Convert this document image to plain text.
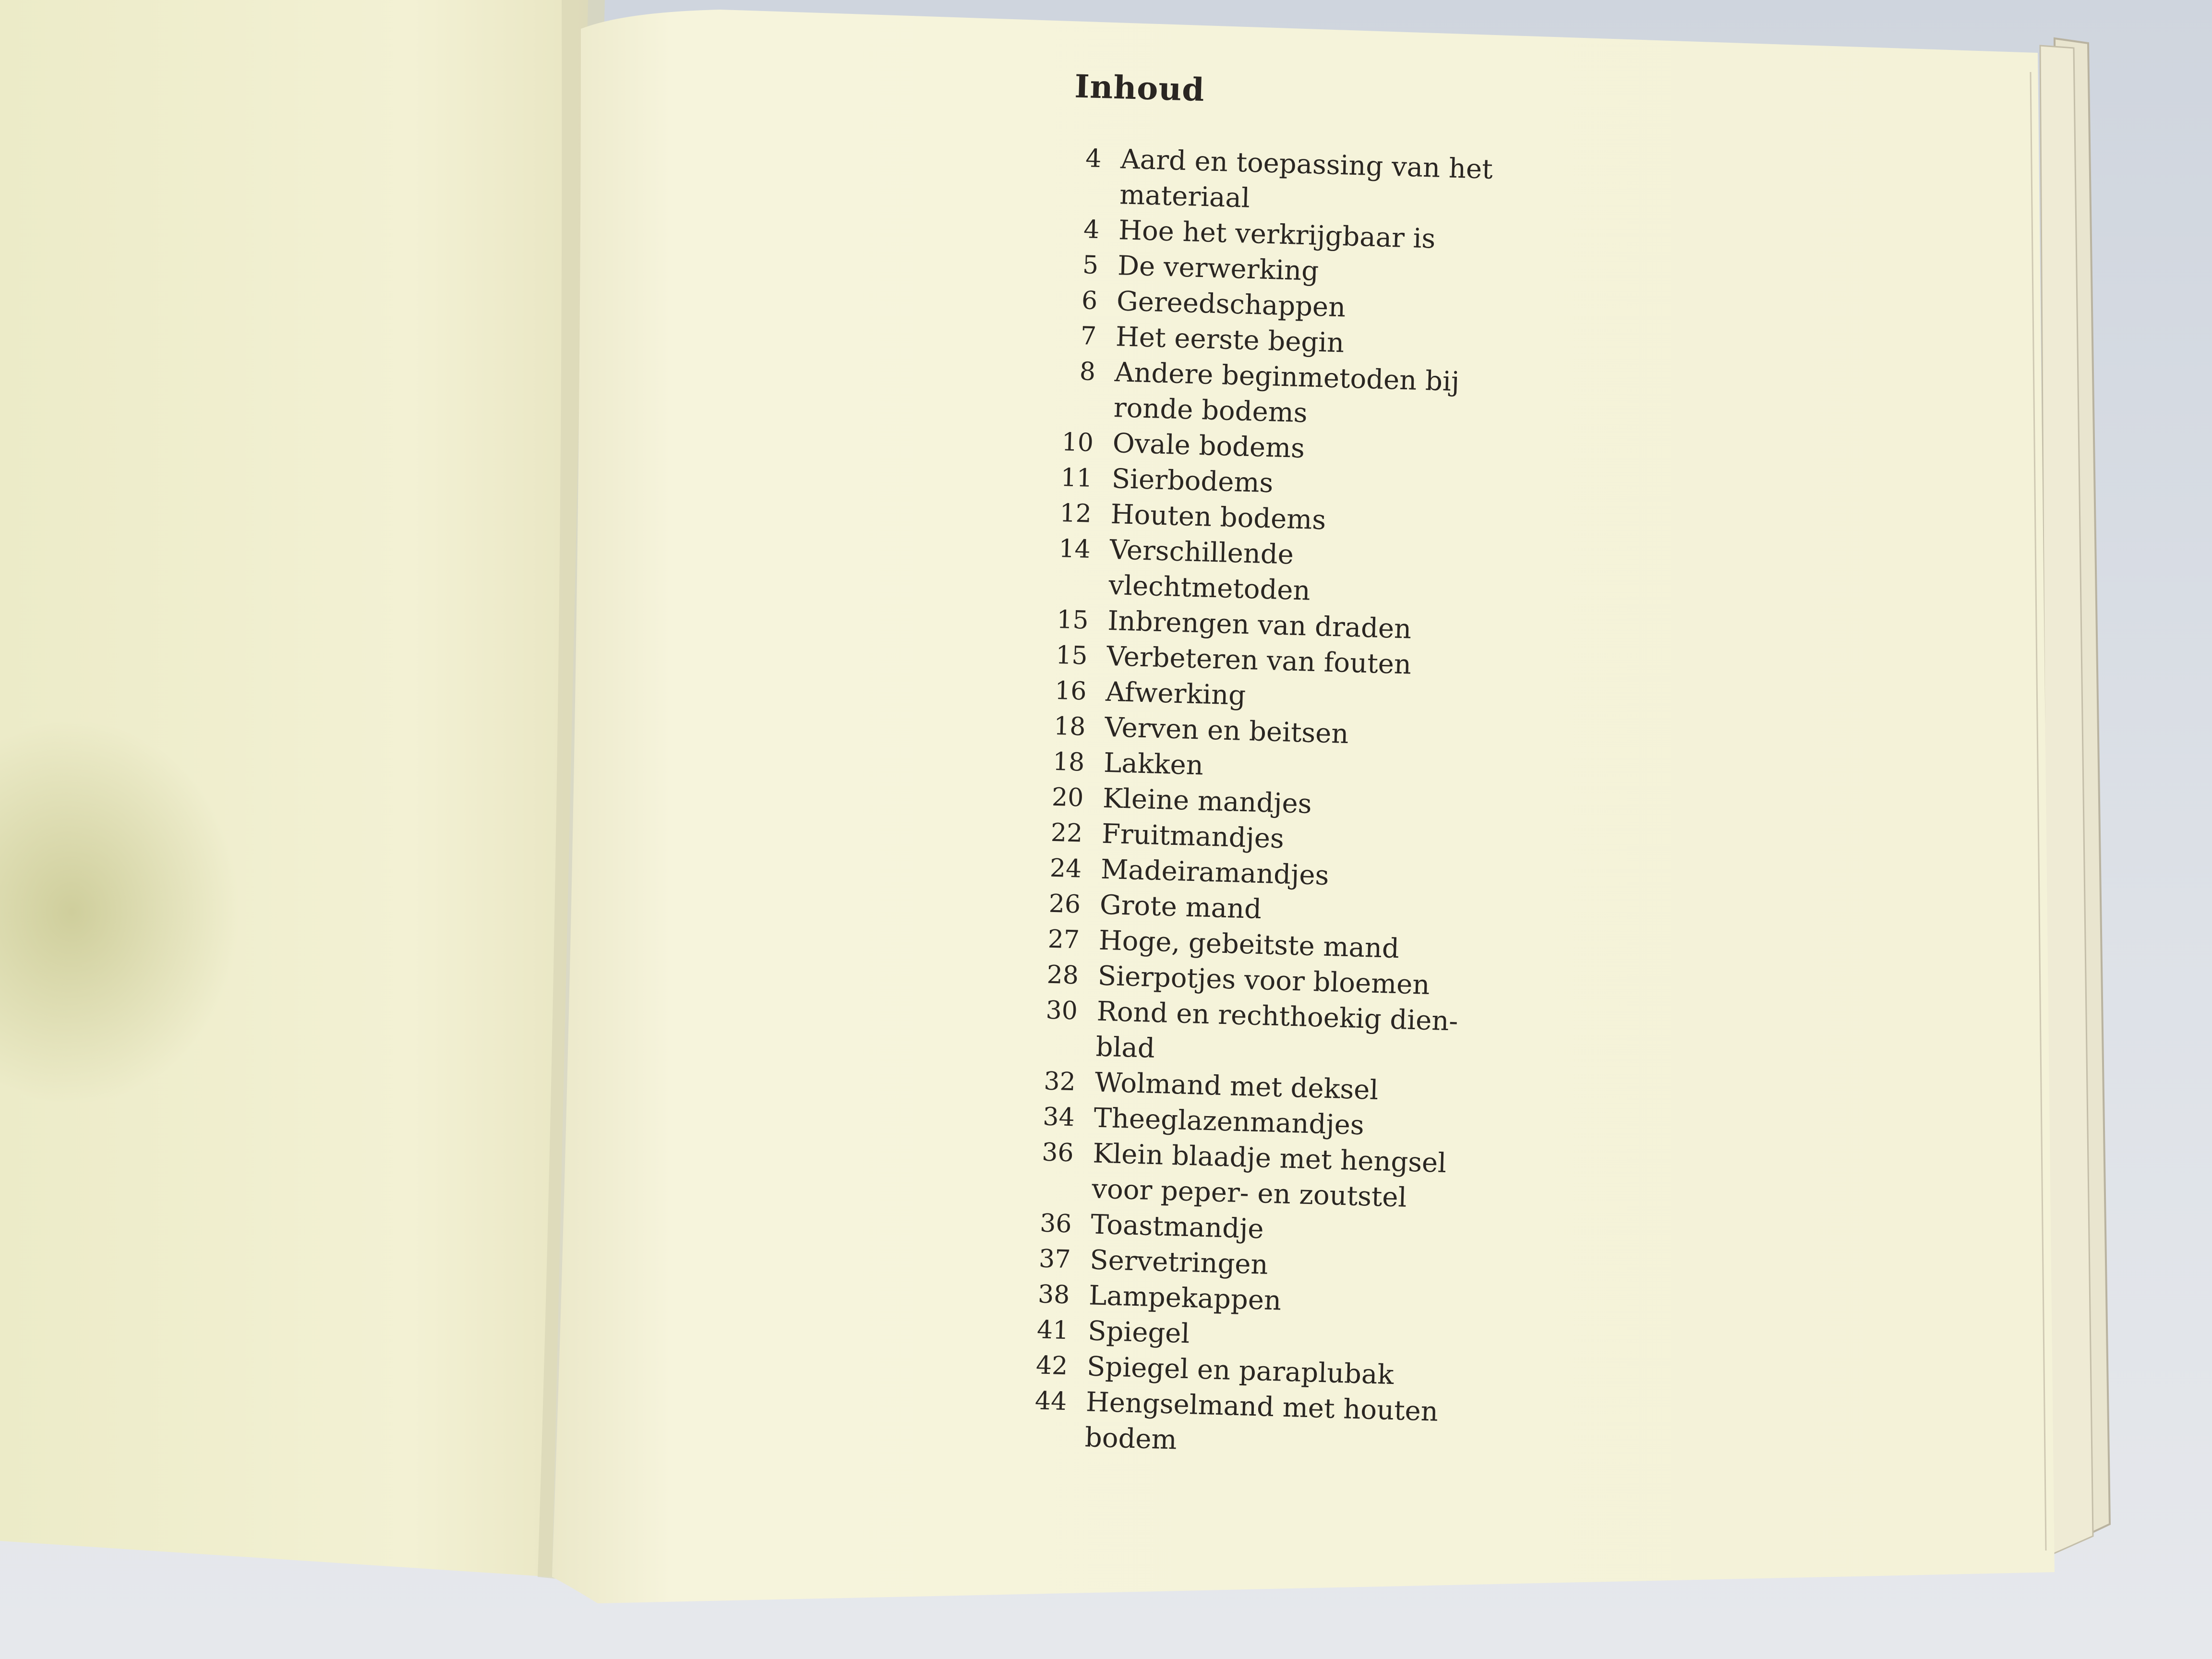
Inhoud
4 Aard en toepassing van het
materiaal
4 Hoe het verkrijgbaar is
5 De verwerking
6 Gereedschappen
7 Het eerste begin
8 Andere beginmetoden bij
ronde bodems
10 Ovale bodems
11 Sierbodems
12 Houten bodems
14 Verschillende vlechtmetoden
15 Inbrengen van draden
15 Verbeteren van fouten
16 Afwerking
18 Verven en beitsen
18 Lakken
20 Kleine mandjes
22 Fruitmandjes
24 Madeiramandjes
26 Grote mand
27 Hoge, gebeitste mand
28 Sierpotjes voor bloemen
30 Rond en rechthoekig dien-
blad
32 Wolmand met deksel
34 Theeglazenmandjes
36 Klein blaadje met hengsel
voor peper- en zoutstel
36 Toastmandje
37 Servetringen
38 Lampekappen
41 Spiegel
42 Spiegel en paraplubak
44 Hengselmand met houten
bodem
